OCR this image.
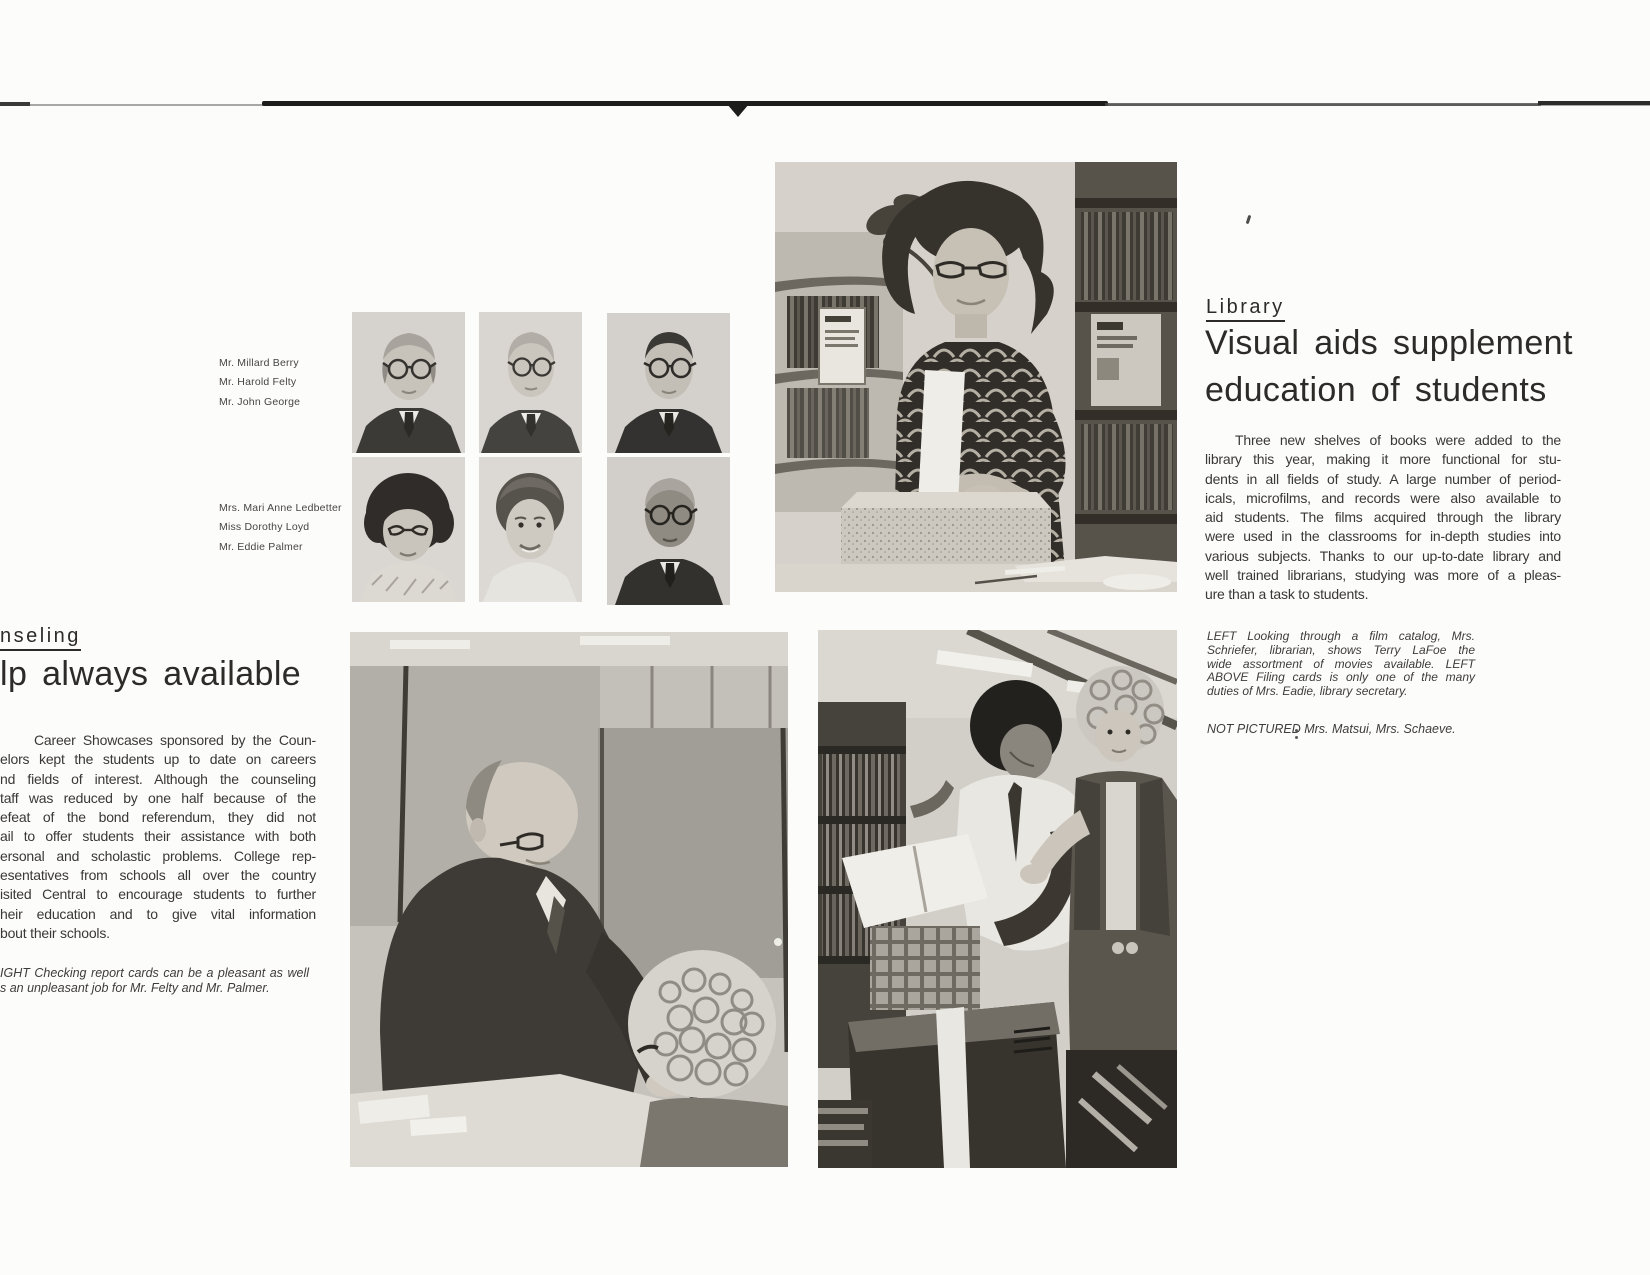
Mr. Millard Berry
Mr. Harold Felty
Mr. John George
Mrs. Mari Anne Ledbetter
Miss Dorothy Loyd
Mr. Eddie Palmer
nseling
lp always available
Career Showcases sponsored by the Coun-
elors kept the students up to date on careers
nd fields of interest. Although the counseling
taff was reduced by one half because of the
efeat of the bond referendum, they did not
ail to offer students their assistance with both
ersonal and scholastic problems. College rep-
esentatives from schools all over the country
isited Central to encourage students to further
heir education and to give vital information
bout their schools.
IGHT Checking report cards can be a pleasant as well
s an unpleasant job for Mr. Felty and Mr. Palmer.
Library
Visual aids supplement
education of students
Three new shelves of books were added to the
library this year, making it more functional for stu-
dents in all fields of study. A large number of period-
icals, microfilms, and records were also available to
aid students. The films acquired through the library
were used in the classrooms for in-depth studies into
various subjects. Thanks to our up-to-date library and
well trained librarians, studying was more of a pleas-
ure than a task to students.
LEFT Looking through a film catalog, Mrs.
Schriefer, librarian, shows Terry LaFoe the
wide assortment of movies available. LEFT
ABOVE Filing cards is only one of the many
duties of Mrs. Eadie, library secretary.
NOT PICTURED Mrs. Matsui, Mrs. Schaeve.
